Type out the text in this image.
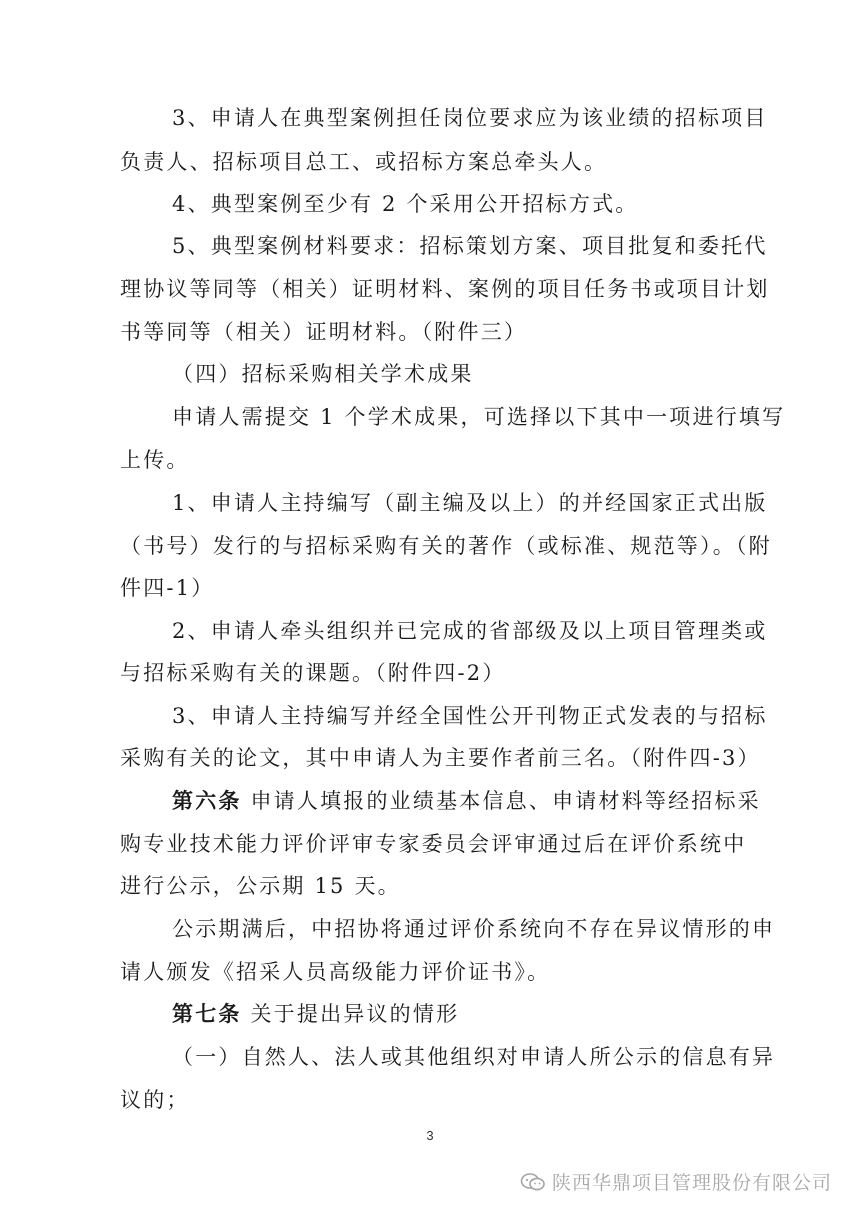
3、申请人在典型案例担任岗位要求应为该业绩的招标项目
负责人、招标项目总工、或招标方案总牵头人。
4、典型案例至少有 2 个采用公开招标方式。
5、典型案例材料要求：招标策划方案、项目批复和委托代
理协议等同等（相关）证明材料、案例的项目任务书或项目计划
书等同等（相关）证明材料。（附件三）
（四）招标采购相关学术成果
申请人需提交 1 个学术成果，可选择以下其中一项进行填写
上传。
1、申请人主持编写（副主编及以上）的并经国家正式出版
（书号）发行的与招标采购有关的著作（或标准、规范等）。（附
件四-1）
2、申请人牵头组织并已完成的省部级及以上项目管理类或
与招标采购有关的课题。（附件四-2）
3、申请人主持编写并经全国性公开刊物正式发表的与招标
采购有关的论文，其中申请人为主要作者前三名。（附件四-3）
第六条 申请人填报的业绩基本信息、申请材料等经招标采
购专业技术能力评价评审专家委员会评审通过后在评价系统中
进行公示，公示期 15 天。
公示期满后，中招协将通过评价系统向不存在异议情形的申
请人颁发《招采人员高级能力评价证书》。
第七条 关于提出异议的情形
（一）自然人、法人或其他组织对申请人所公示的信息有异
议的；
3
陕西华鼎项目管理股份有限公司
